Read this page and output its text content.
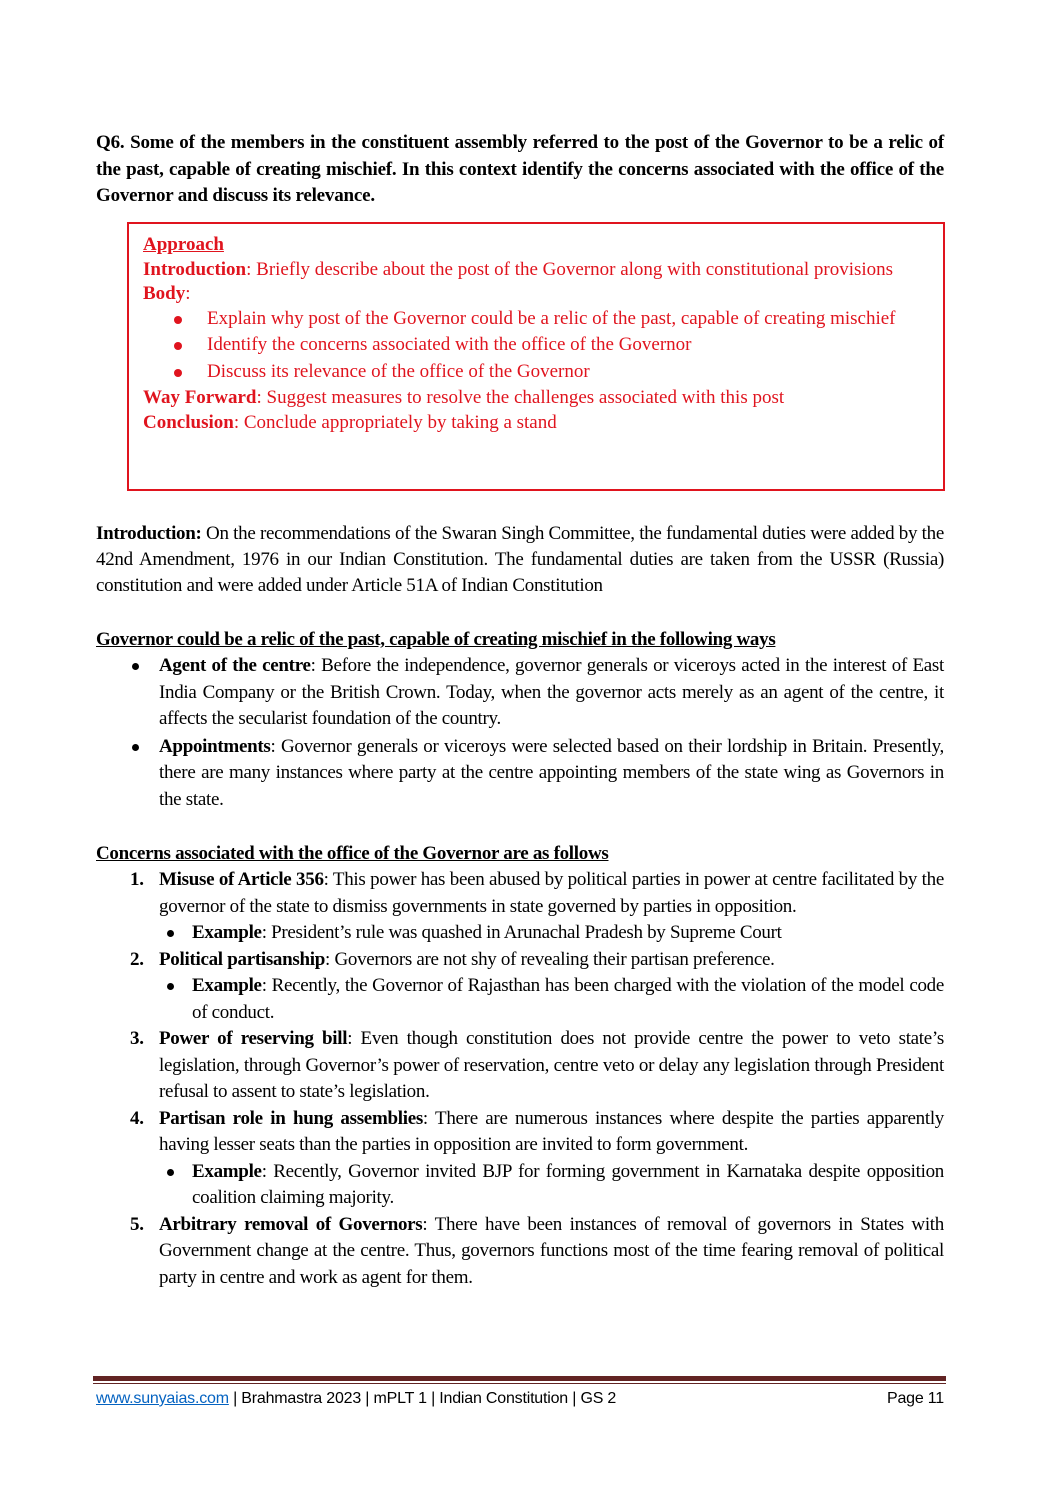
Q6. Some of the members in the constituent assembly referred to the post of the Governor to be a relic of the past, capable of creating mischief. In this context identify the concerns associated with the office of the Governor and discuss its relevance.
Approach
Introduction: Briefly describe about the post of the Governor along with constitutional provisions
Body:
Explain why post of the Governor could be a relic of the past, capable of creating mischief
Identify the concerns associated with the office of the Governor
Discuss its relevance of the office of the Governor
Way Forward: Suggest measures to resolve the challenges associated with this post
Conclusion: Conclude appropriately by taking a stand
Introduction: On the recommendations of the Swaran Singh Committee, the fundamental duties were added by the 42nd Amendment, 1976 in our Indian Constitution. The fundamental duties are taken from the USSR (Russia) constitution and were added under Article 51A of Indian Constitution
Governor could be a relic of the past, capable of creating mischief in the following ways
Agent of the centre: Before the independence, governor generals or viceroys acted in the interest of East India Company or the British Crown. Today, when the governor acts merely as an agent of the centre, it affects the secularist foundation of the country.
Appointments: Governor generals or viceroys were selected based on their lordship in Britain. Presently, there are many instances where party at the centre appointing members of the state wing as Governors in the state.
Concerns associated with the office of the Governor are as follows
1. Misuse of Article 356: This power has been abused by political parties in power at centre facilitated by the governor of the state to dismiss governments in state governed by parties in opposition.
Example: President’s rule was quashed in Arunachal Pradesh by Supreme Court
2. Political partisanship: Governors are not shy of revealing their partisan preference.
Example: Recently, the Governor of Rajasthan has been charged with the violation of the model code of conduct.
3. Power of reserving bill: Even though constitution does not provide centre the power to veto state’s legislation, through Governor’s power of reservation, centre veto or delay any legislation through President refusal to assent to state’s legislation.
4. Partisan role in hung assemblies: There are numerous instances where despite the parties apparently having lesser seats than the parties in opposition are invited to form government.
Example: Recently, Governor invited BJP for forming government in Karnataka despite opposition coalition claiming majority.
5. Arbitrary removal of Governors: There have been instances of removal of governors in States with Government change at the centre. Thus, governors functions most of the time fearing removal of political party in centre and work as agent for them.
www.sunyaias.com | Brahmastra 2023 | mPLT 1 | Indian Constitution | GS 2	Page 11
